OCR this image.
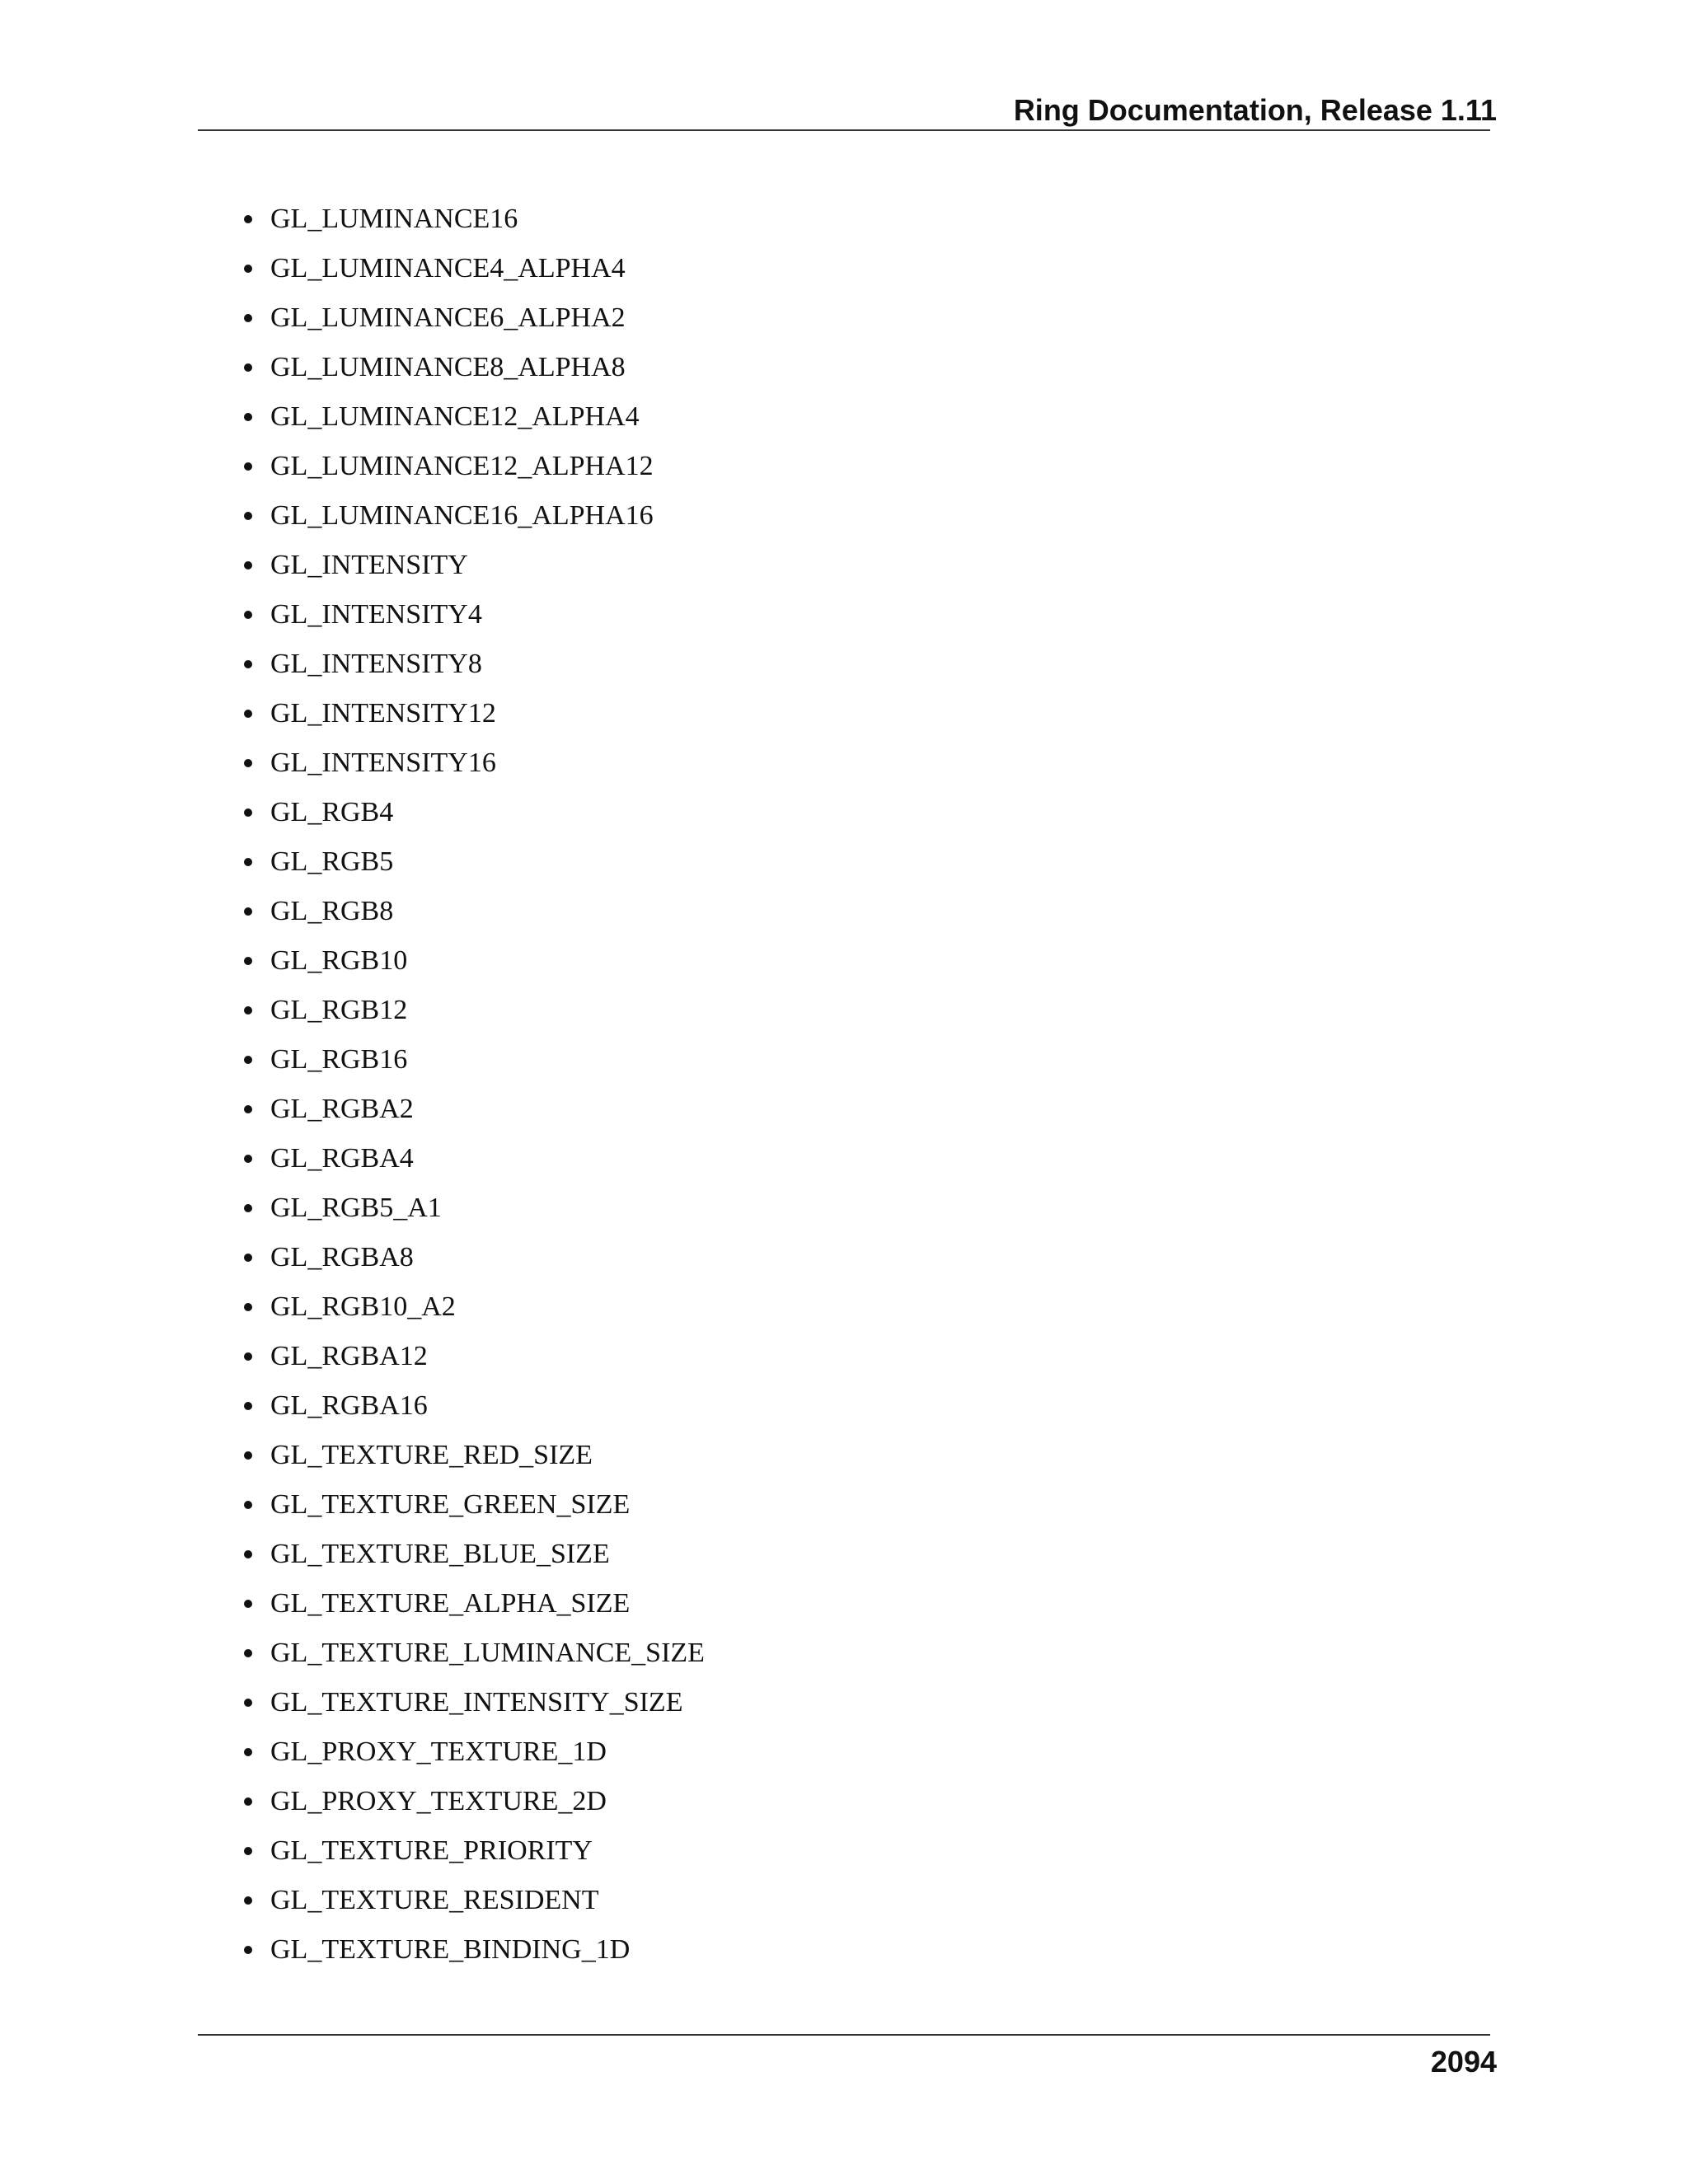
Ring Documentation, Release 1.11
GL_LUMINANCE16
GL_LUMINANCE4_ALPHA4
GL_LUMINANCE6_ALPHA2
GL_LUMINANCE8_ALPHA8
GL_LUMINANCE12_ALPHA4
GL_LUMINANCE12_ALPHA12
GL_LUMINANCE16_ALPHA16
GL_INTENSITY
GL_INTENSITY4
GL_INTENSITY8
GL_INTENSITY12
GL_INTENSITY16
GL_RGB4
GL_RGB5
GL_RGB8
GL_RGB10
GL_RGB12
GL_RGB16
GL_RGBA2
GL_RGBA4
GL_RGB5_A1
GL_RGBA8
GL_RGB10_A2
GL_RGBA12
GL_RGBA16
GL_TEXTURE_RED_SIZE
GL_TEXTURE_GREEN_SIZE
GL_TEXTURE_BLUE_SIZE
GL_TEXTURE_ALPHA_SIZE
GL_TEXTURE_LUMINANCE_SIZE
GL_TEXTURE_INTENSITY_SIZE
GL_PROXY_TEXTURE_1D
GL_PROXY_TEXTURE_2D
GL_TEXTURE_PRIORITY
GL_TEXTURE_RESIDENT
GL_TEXTURE_BINDING_1D
2094
